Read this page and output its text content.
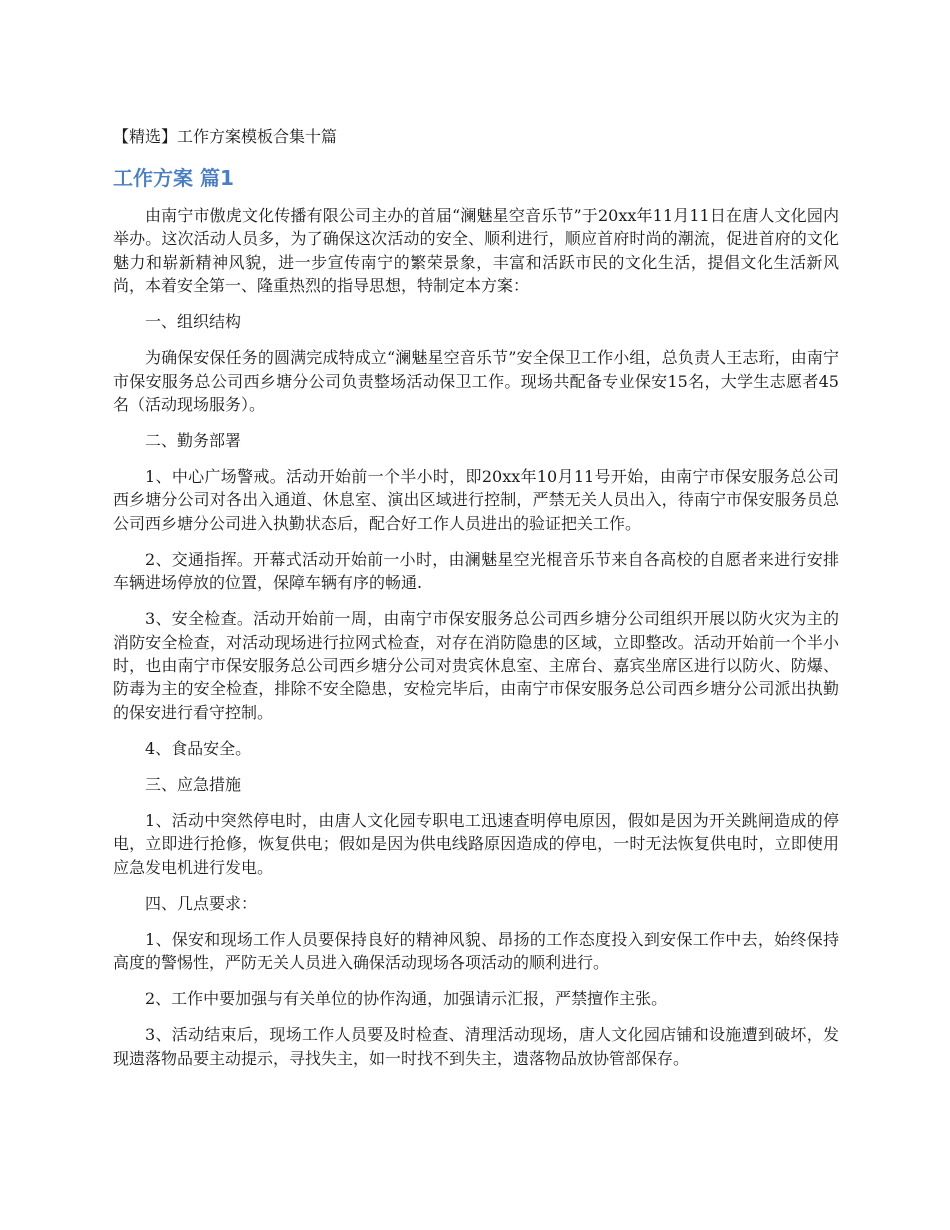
【精选】工作方案模板合集十篇
工作方案 篇1

由南宁市傲虎文化传播有限公司主办的首届“澜魅星空音乐节”于20xx年11月11日在唐人文化园内举办。这次活动人员多，为了确保这次活动的安全、顺利进行，顺应首府时尚的潮流，促进首府的文化魅力和崭新精神风貌，进一步宣传南宁的繁荣景象，丰富和活跃市民的文化生活，提倡文化生活新风尚，本着安全第一、隆重热烈的指导思想，特制定本方案：

一、组织结构

为确保安保任务的圆满完成特成立“澜魅星空音乐节”安全保卫工作小组，总负责人王志珩，由南宁市保安服务总公司西乡塘分公司负责整场活动保卫工作。现场共配备专业保安15名，大学生志愿者45名（活动现场服务）。

二、勤务部署

1、中心广场警戒。活动开始前一个半小时，即20xx年10月11号开始，由南宁市保安服务总公司西乡塘分公司对各出入通道、休息室、演出区域进行控制，严禁无关人员出入，待南宁市保安服务员总公司西乡塘分公司进入执勤状态后，配合好工作人员进出的验证把关工作。

2、交通指挥。开幕式活动开始前一小时，由澜魅星空光棍音乐节来自各高校的自愿者来进行安排车辆进场停放的位置，保障车辆有序的畅通.

3、安全检查。活动开始前一周，由南宁市保安服务总公司西乡塘分公司组织开展以防火灾为主的消防安全检查，对活动现场进行拉网式检查，对存在消防隐患的区域，立即整改。活动开始前一个半小时，也由南宁市保安服务总公司西乡塘分公司对贵宾休息室、主席台、嘉宾坐席区进行以防火、防爆、防毒为主的安全检查，排除不安全隐患，安检完毕后，由南宁市保安服务总公司西乡塘分公司派出执勤的保安进行看守控制。

4、食品安全。

三、应急措施

1、活动中突然停电时，由唐人文化园专职电工迅速查明停电原因，假如是因为开关跳闸造成的停电，立即进行抢修，恢复供电；假如是因为供电线路原因造成的停电，一时无法恢复供电时，立即使用应急发电机进行发电。

四、几点要求：

1、保安和现场工作人员要保持良好的精神风貌、昂扬的工作态度投入到安保工作中去，始终保持高度的警惕性，严防无关人员进入确保活动现场各项活动的顺利进行。

2、工作中要加强与有关单位的协作沟通，加强请示汇报，严禁擅作主张。

3、活动结束后，现场工作人员要及时检查、清理活动现场，唐人文化园店铺和设施遭到破坏，发现遗落物品要主动提示，寻找失主，如一时找不到失主，遗落物品放协管部保存。
